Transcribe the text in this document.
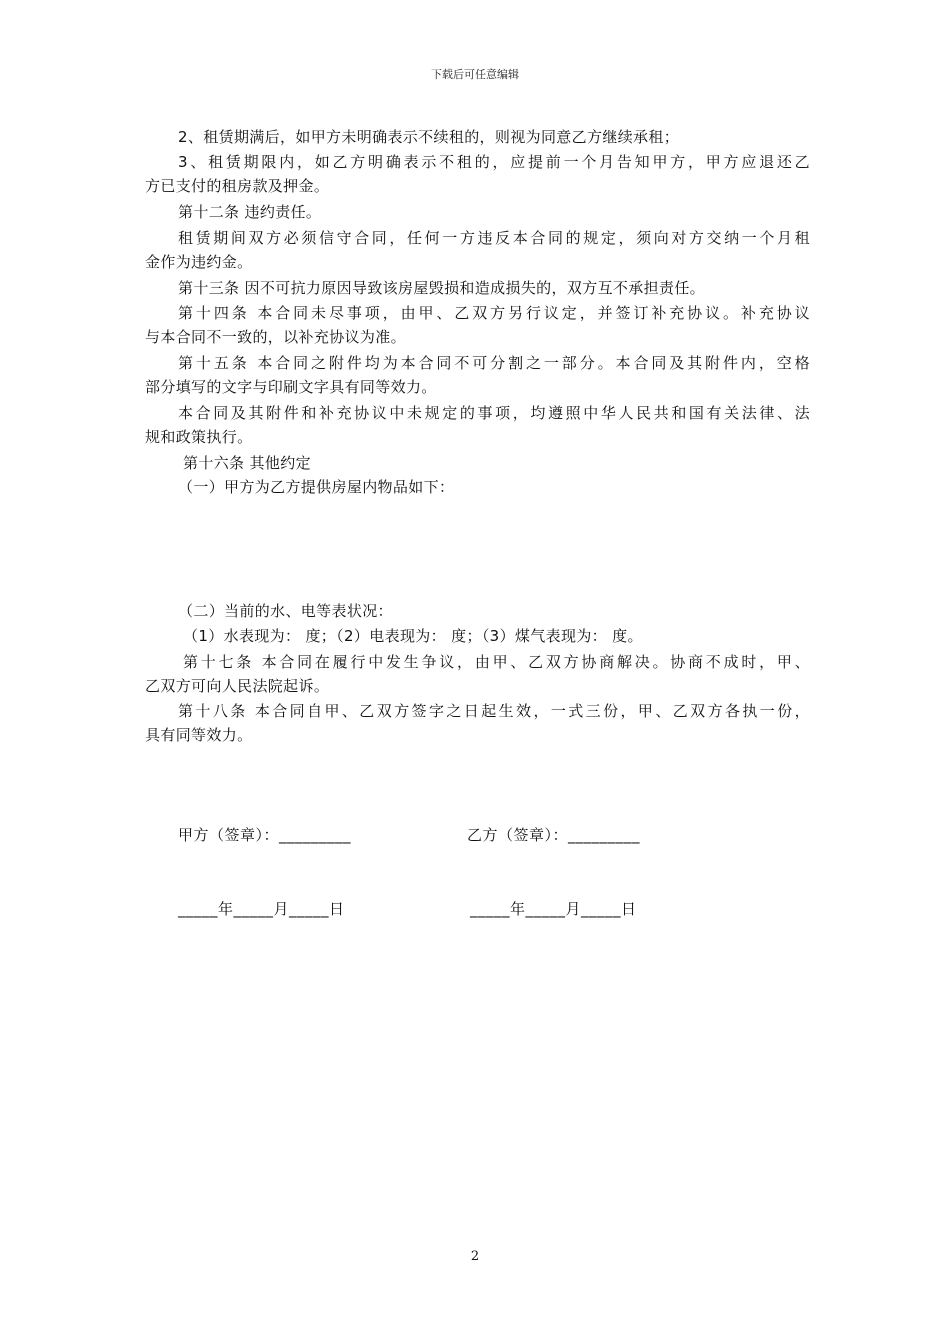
下载后可任意编辑
2、租赁期满后，如甲方未明确表示不续租的，则视为同意乙方继续承租；
3、租赁期限内，如乙方明确表示不租的，应提前一个月告知甲方，甲方应退还乙
方已支付的租房款及押金。
第十二条 违约责任。
租赁期间双方必须信守合同，任何一方违反本合同的规定，须向对方交纳一个月租
金作为违约金。
第十三条 因不可抗力原因导致该房屋毁损和造成损失的，双方互不承担责任。
第十四条 本合同未尽事项，由甲、乙双方另行议定，并签订补充协议。补充协议
与本合同不一致的，以补充协议为准。
第十五条 本合同之附件均为本合同不可分割之一部分。本合同及其附件内，空格
部分填写的文字与印刷文字具有同等效力。
本合同及其附件和补充协议中未规定的事项，均遵照中华人民共和国有关法律、法
规和政策执行。
第十六条 其他约定
（一）甲方为乙方提供房屋内物品如下：
（二）当前的水、电等表状况：
（1）水表现为： 度；（2）电表现为： 度；（3）煤气表现为： 度。
第十七条 本合同在履行中发生争议，由甲、乙双方协商解决。协商不成时，甲、
乙双方可向人民法院起诉。
第十八条 本合同自甲、乙双方签字之日起生效，一式三份，甲、乙双方各执一份，
具有同等效力。
甲方（签章）：_________	乙方（签章）：_________
_____年_____月_____日	_____年_____月_____日
2
